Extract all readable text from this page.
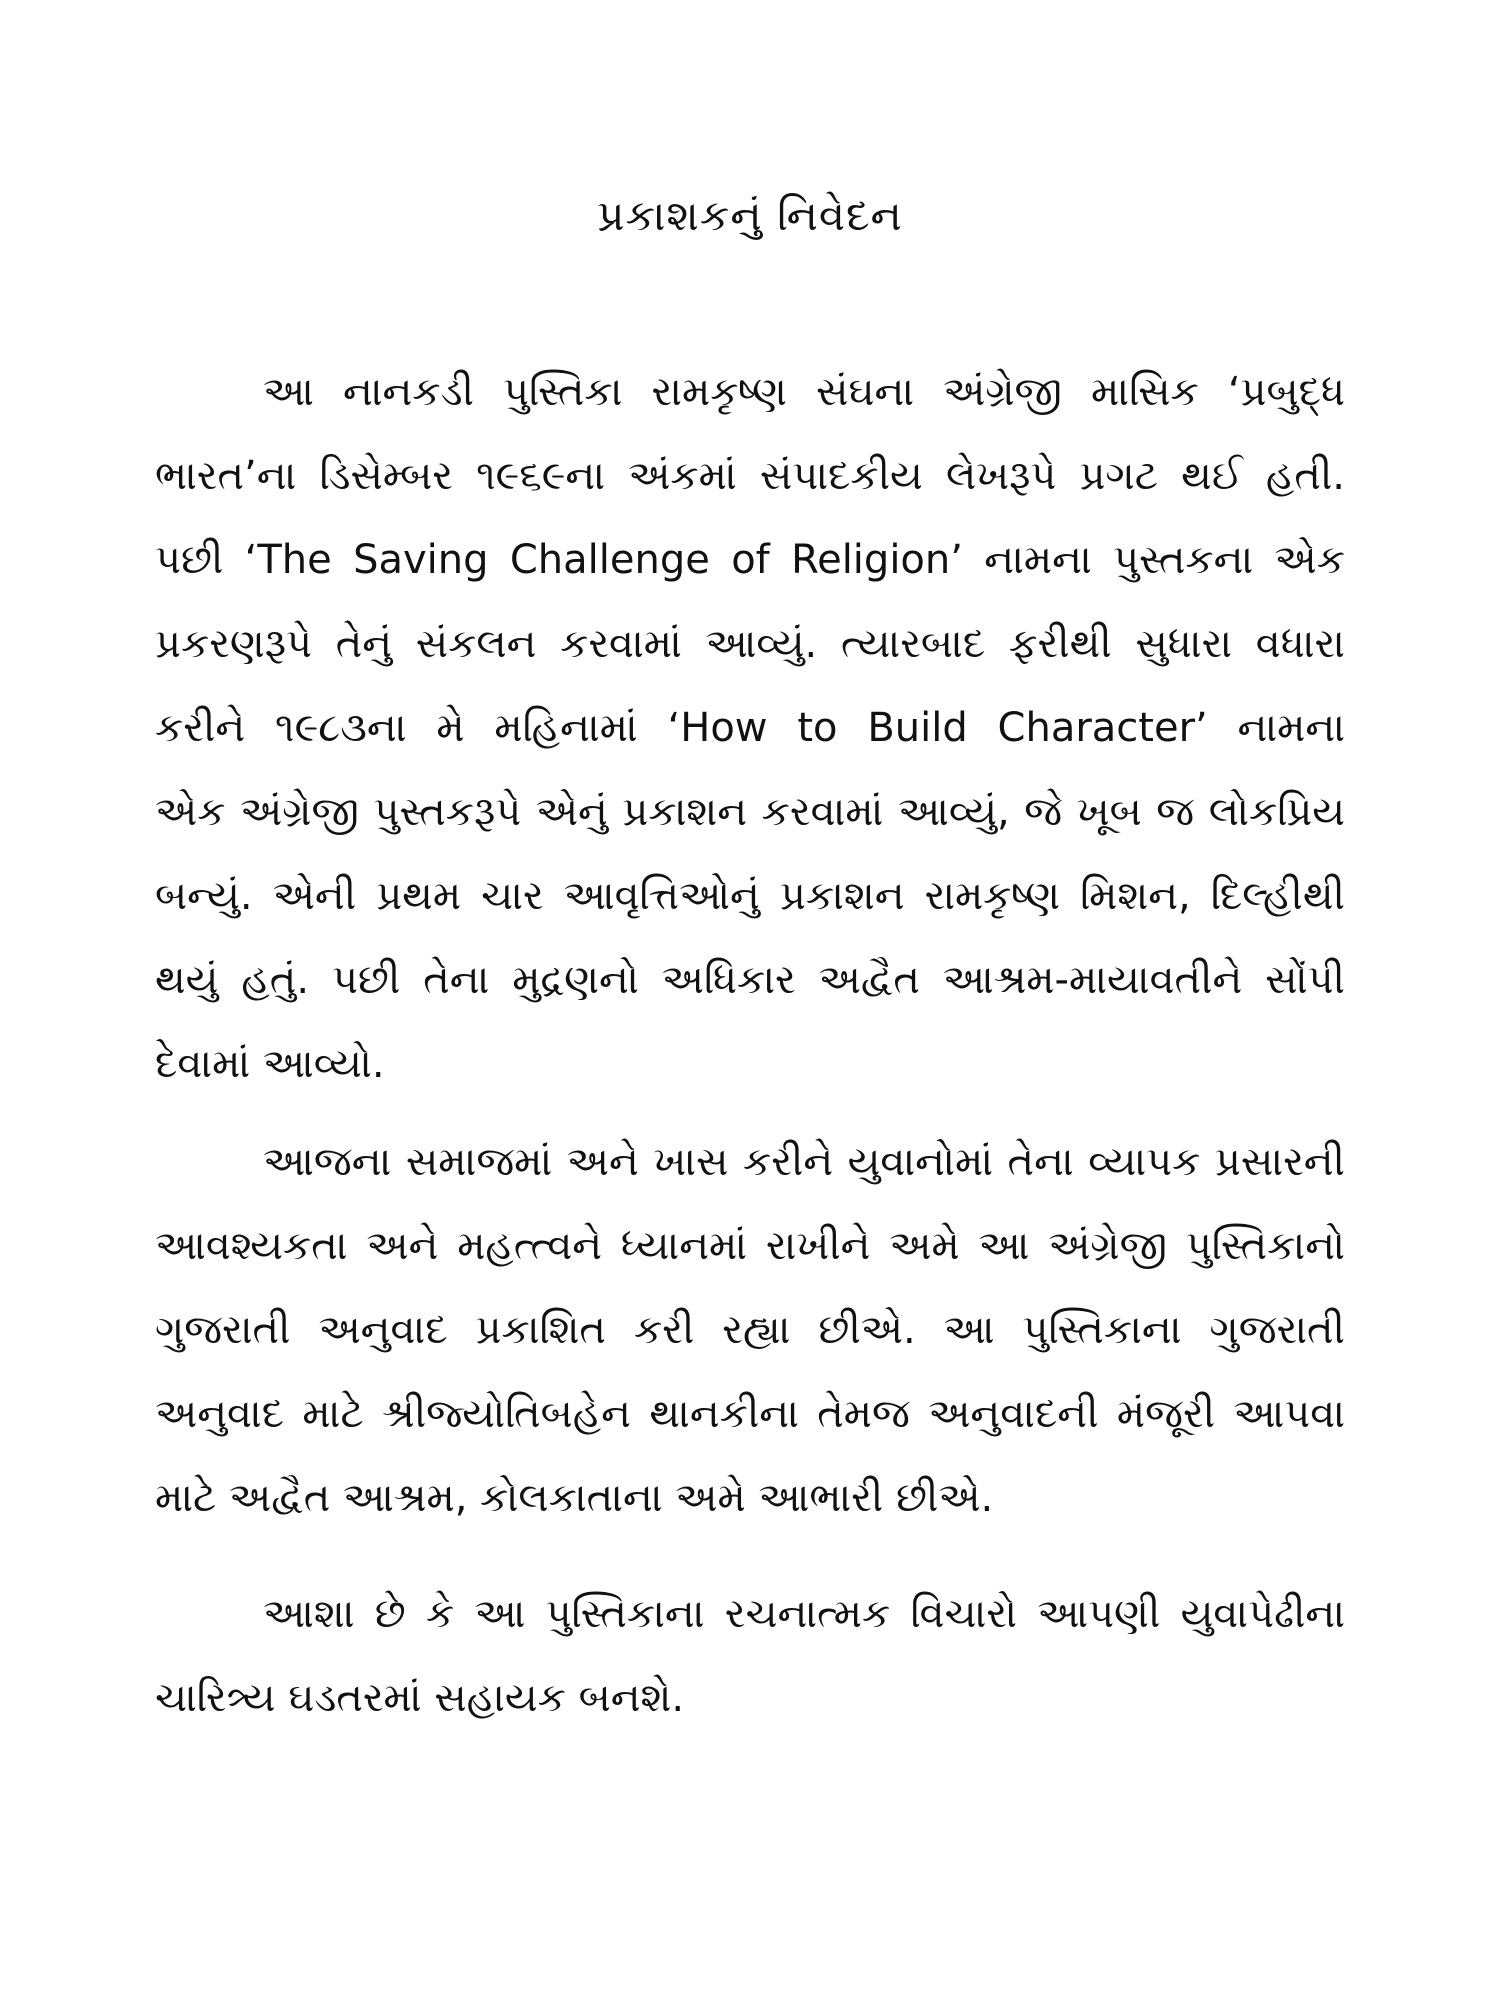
પ્રકાશકનું નિવેદન
આ નાનકડી પુસ્તિકા રામકૃષ્ણ સંઘના અંગ્રેજી માસિક ‘પ્રબુદ્ધ
ભારત’ના ડિસેમ્બર ૧૯૬૯ના અંકમાં સંપાદકીય લેખરૂપે પ્રગટ થઈ હતી.
પછી ‘The Saving Challenge of Religion’ નામના પુસ્તકના એક
પ્રકરણરૂપે તેનું સંકલન કરવામાં આવ્યું. ત્યારબાદ ફરીથી સુધારા વધારા
કરીને ૧૯૮૩ના મે મહિનામાં ‘How to Build Character’ નામના
એક અંગ્રેજી પુસ્તકરૂપે એનું પ્રકાશન કરવામાં આવ્યું, જે ખૂબ જ લોકપ્રિય
બન્યું. એની પ્રથમ ચાર આવૃત્તિઓનું પ્રકાશન રામકૃષ્ણ મિશન, દિલ્હીથી
થયું હતું. પછી તેના મુદ્રણનો અધિકાર અદ્વૈત આશ્રમ-માયાવતીને સોંપી
દેવામાં આવ્યો.
આજના સમાજમાં અને ખાસ કરીને યુવાનોમાં તેના વ્યાપક પ્રસારની
આવશ્યકતા અને મહત્ત્વને ધ્યાનમાં રાખીને અમે આ અંગ્રેજી પુસ્તિકાનો
ગુજરાતી અનુવાદ પ્રકાશિત કરી રહ્યા છીએ. આ પુસ્તિકાના ગુજરાતી
અનુવાદ માટે શ્રીજ્યોતિબહેન થાનકીના તેમજ અનુવાદની મંજૂરી આપવા
માટે અદ્વૈત આશ્રમ, કોલકાતાના અમે આભારી છીએ.
આશા છે કે આ પુસ્તિકાના રચનાત્મક વિચારો આપણી યુવાપેઢીના
ચારિત્ર્ય ઘડતરમાં સહાયક બનશે.
